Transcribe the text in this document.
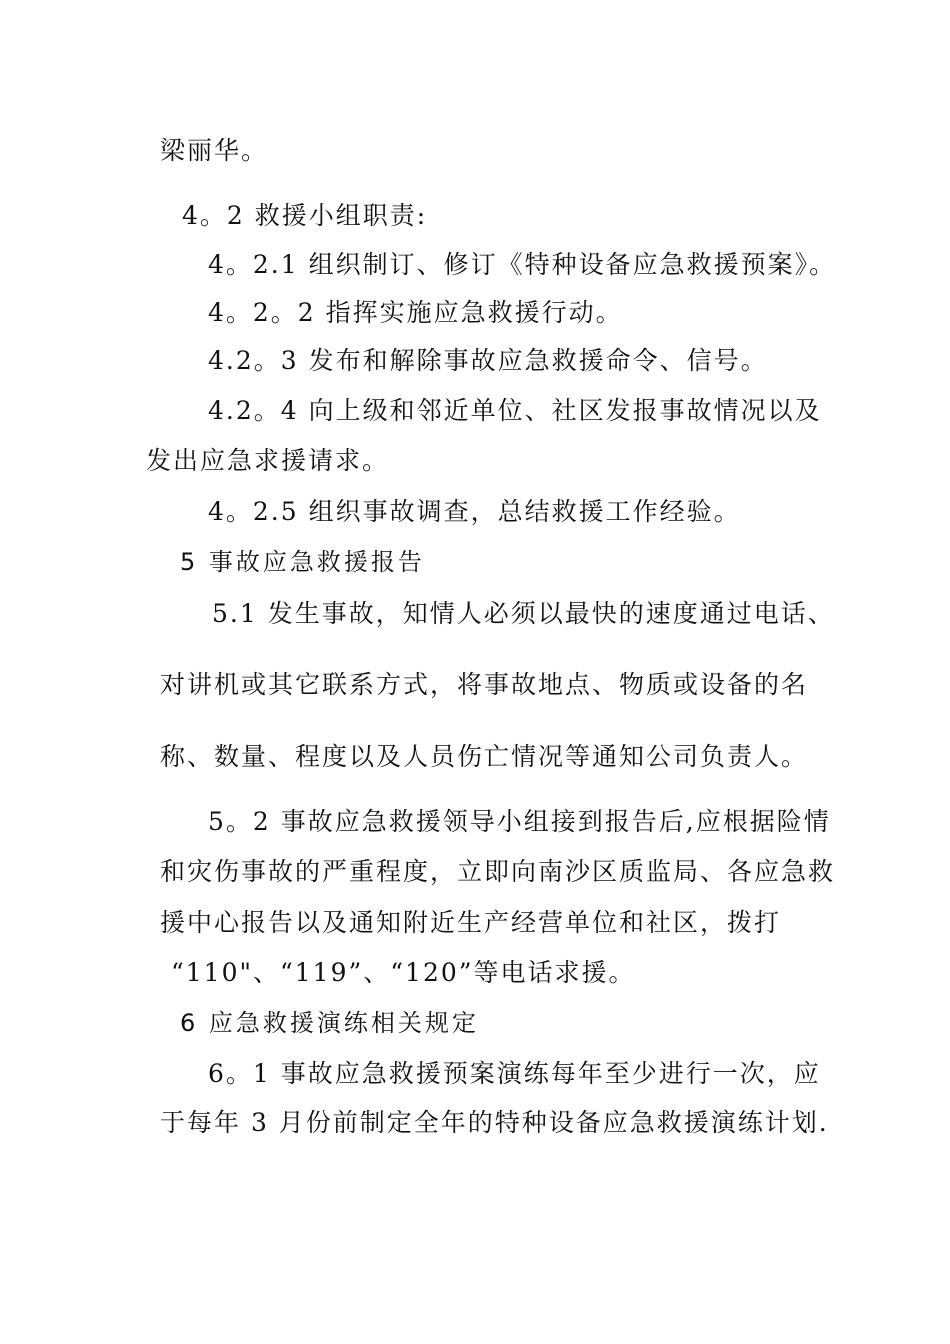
梁丽华。
4。2 救援小组职责:
4。2.1 组织制订、修订《特种设备应急救援预案》。
4。2。2 指挥实施应急救援行动。
4.2。3 发布和解除事故应急救援命令、信号。
4.2。4 向上级和邻近单位、社区发报事故情况以及
发出应急求援请求。
4。2.5 组织事故调查，总结救援工作经验。
5 事故应急救援报告
5.1 发生事故，知情人必须以最快的速度通过电话、
对讲机或其它联系方式，将事故地点、物质或设备的名
称、数量、程度以及人员伤亡情况等通知公司负责人。
5。2 事故应急救援领导小组接到报告后,应根据险情
和灾伤事故的严重程度，立即向南沙区质监局、各应急救
援中心报告以及通知附近生产经营单位和社区，拨打
“110"、“119”、“120”等电话求援。
6 应急救援演练相关规定
6。1 事故应急救援预案演练每年至少进行一次，应
于每年 3 月份前制定全年的特种设备应急救援演练计划.
